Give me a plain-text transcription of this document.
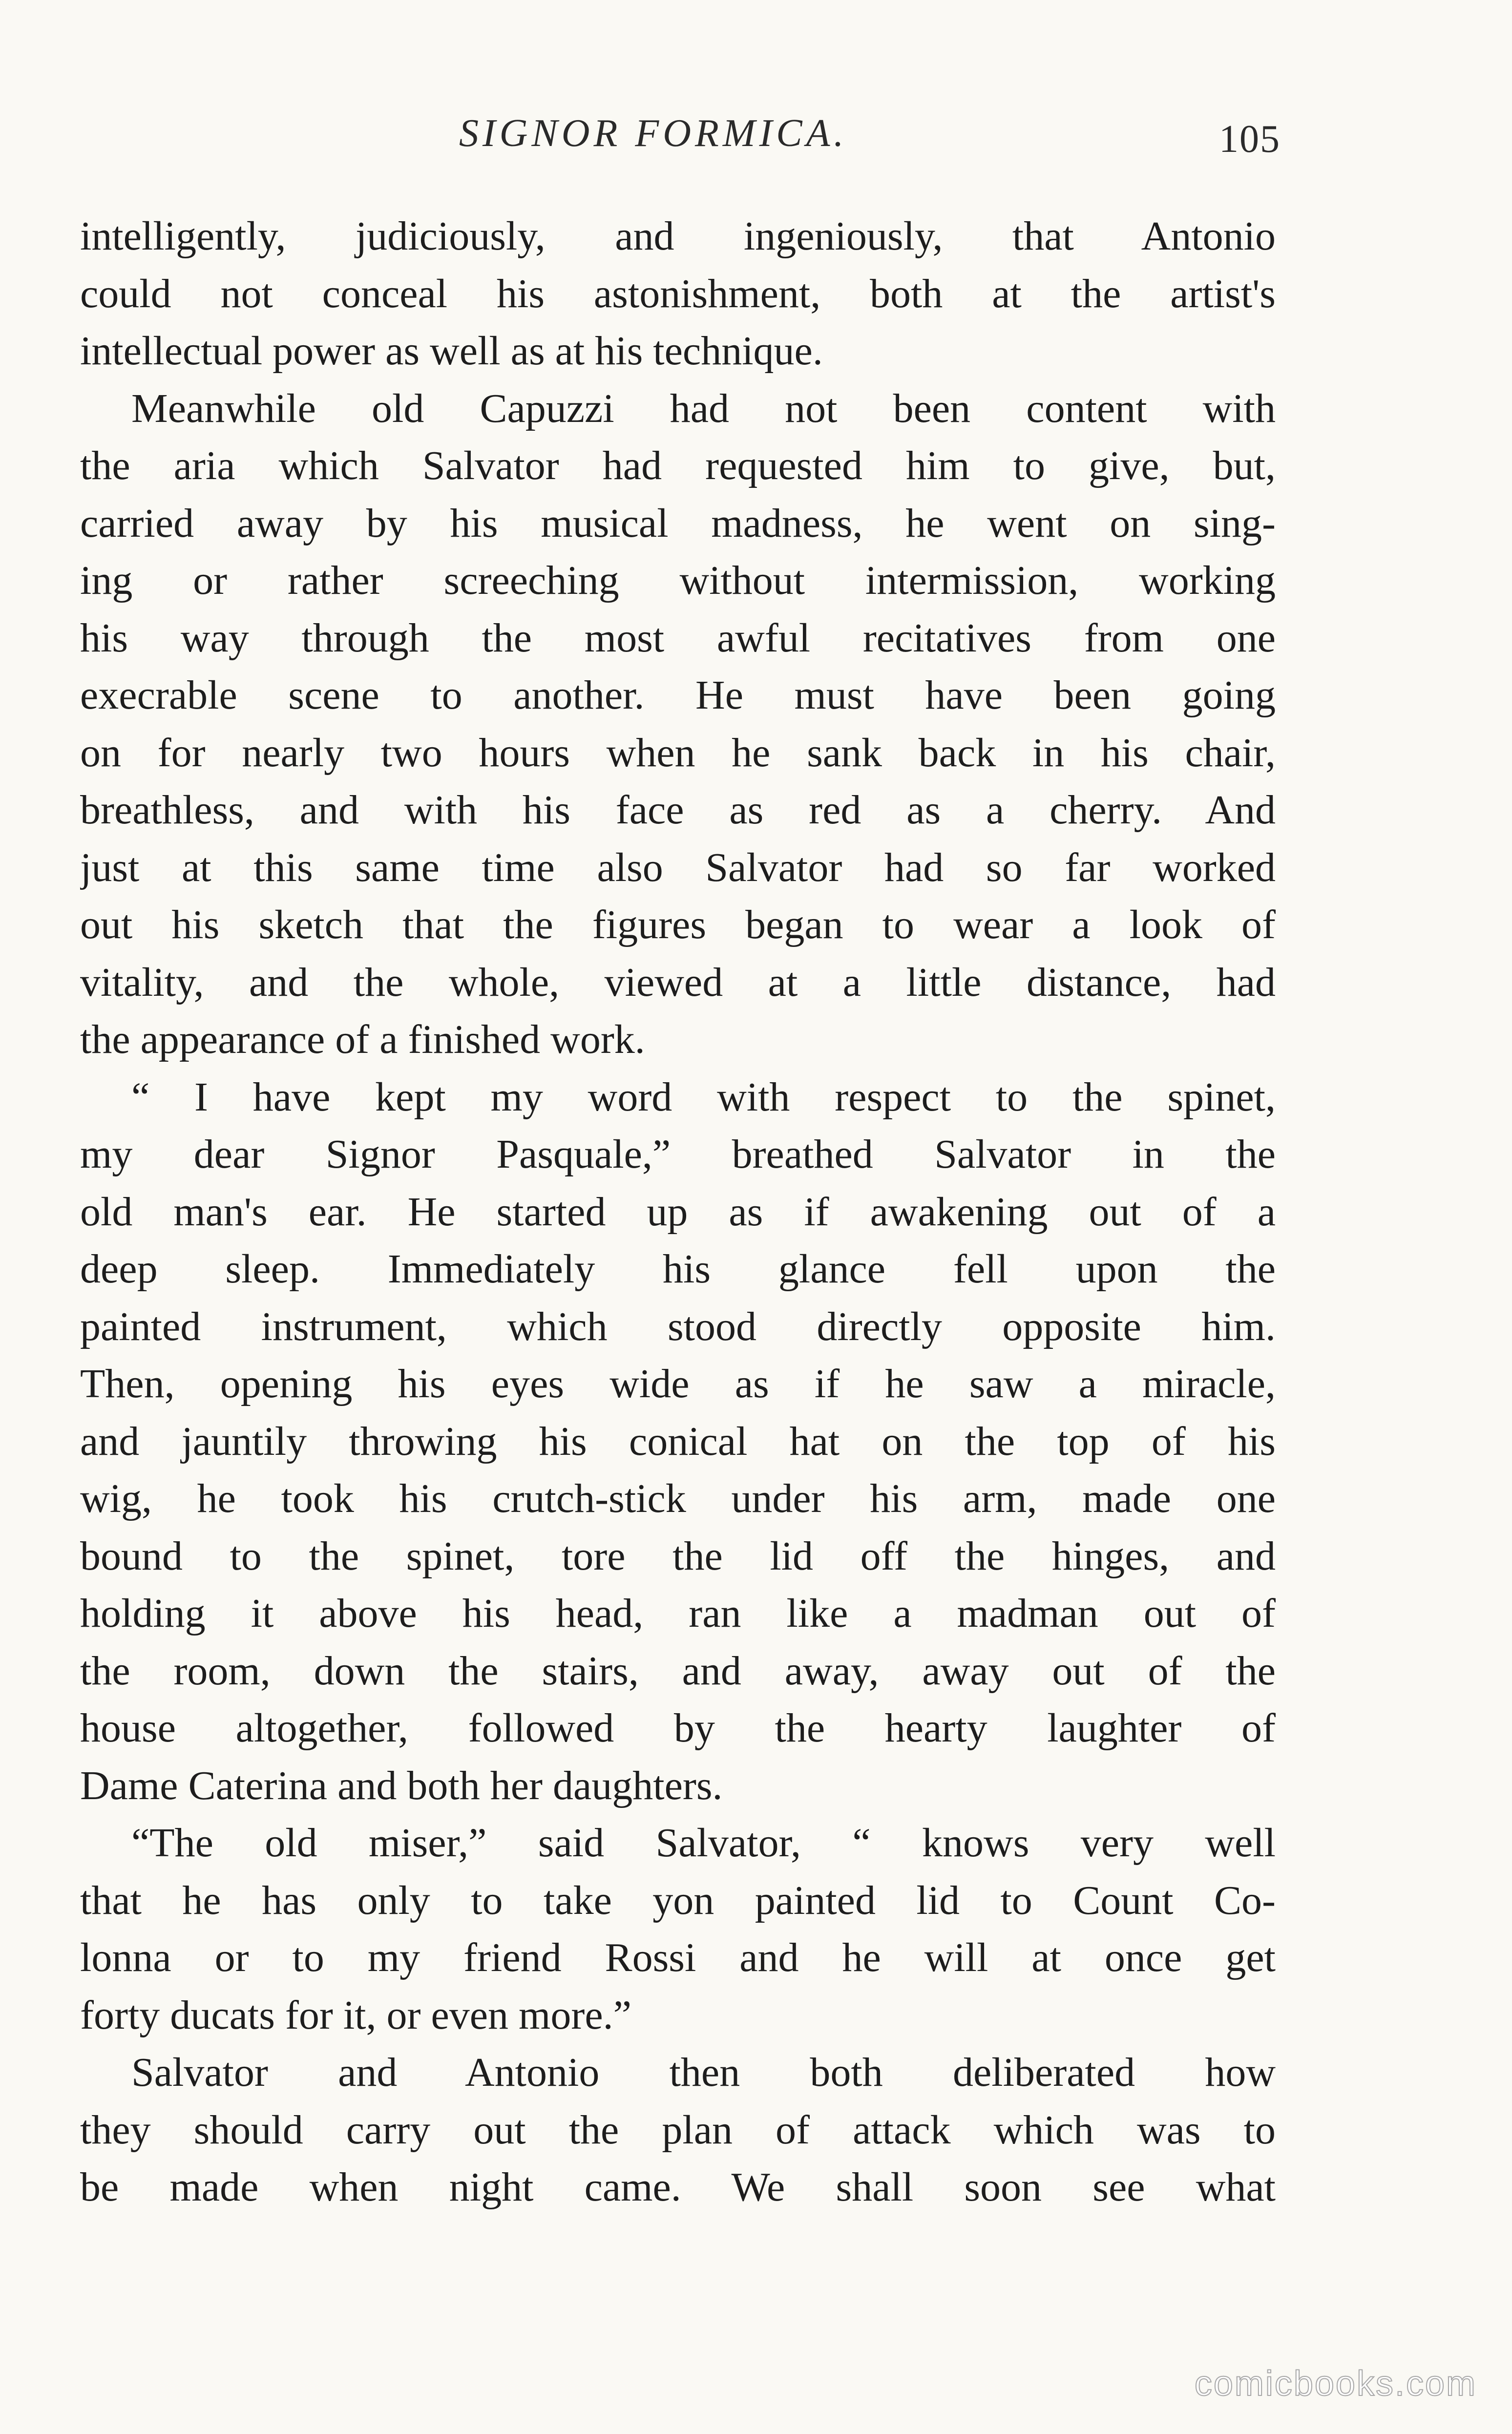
SIGNOR FORMICA.	105
intelligently, judiciously, and ingeniously, that Antonio
could not conceal his astonishment, both at the artist's
intellectual power as well as at his technique.
Meanwhile old Capuzzi had not been content with
the aria which Salvator had requested him to give, but,
carried away by his musical madness, he went on sing-
ing or rather screeching without intermission, working
his way through the most awful recitatives from one
execrable scene to another. He must have been going
on for nearly two hours when he sank back in his chair,
breathless, and with his face as red as a cherry. And
just at this same time also Salvator had so far worked
out his sketch that the figures began to wear a look of
vitality, and the whole, viewed at a little distance, had
the appearance of a finished work.
“ I have kept my word with respect to the spinet,
my dear Signor Pasquale,” breathed Salvator in the
old man's ear. He started up as if awakening out of a
deep sleep. Immediately his glance fell upon the
painted instrument, which stood directly opposite him.
Then, opening his eyes wide as if he saw a miracle,
and jauntily throwing his conical hat on the top of his
wig, he took his crutch-stick under his arm, made one
bound to the spinet, tore the lid off the hinges, and
holding it above his head, ran like a madman out of
the room, down the stairs, and away, away out of the
house altogether, followed by the hearty laughter of
Dame Caterina and both her daughters.
“The old miser,” said Salvator, “ knows very well
that he has only to take yon painted lid to Count Co-
lonna or to my friend Rossi and he will at once get
forty ducats for it, or even more.”
Salvator and Antonio then both deliberated how
they should carry out the plan of attack which was to
be made when night came. We shall soon see what
comicbooks.com
